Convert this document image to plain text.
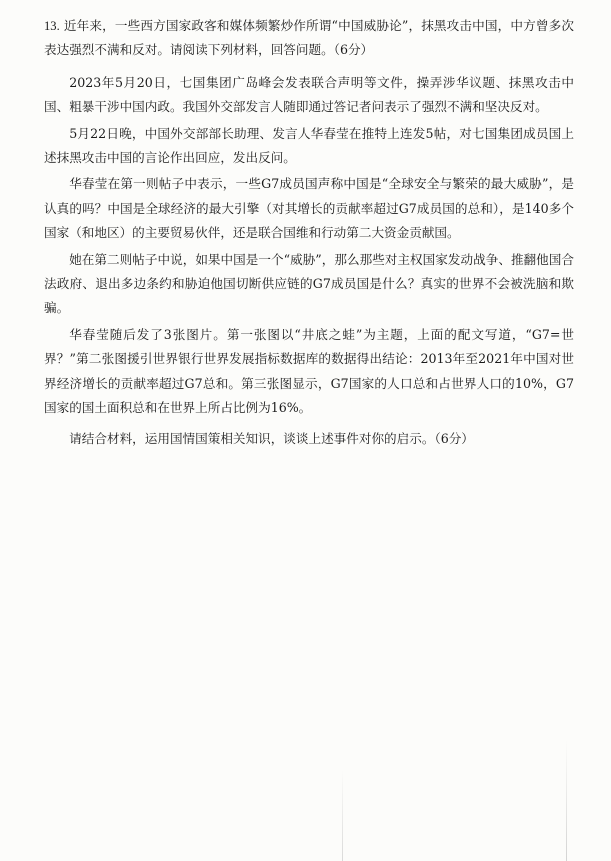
13. 近年来，一些西方国家政客和媒体频繁炒作所谓“中国威胁论”，抹黑攻击中国，中方曾多次表达强烈不满和反对。请阅读下列材料，回答问题。（6分）

2023年5月20日，七国集团广岛峰会发表联合声明等文件，操弄涉华议题、抹黑攻击中国、粗暴干涉中国内政。我国外交部发言人随即通过答记者问表示了强烈不满和坚决反对。

5月22日晚，中国外交部部长助理、发言人华春莹在推特上连发5帖，对七国集团成员国上述抹黑攻击中国的言论作出回应，发出反问。

华春莹在第一则帖子中表示，一些G7成员国声称中国是“全球安全与繁荣的最大威胁”，是认真的吗？中国是全球经济的最大引擎（对其增长的贡献率超过G7成员国的总和），是140多个国家（和地区）的主要贸易伙伴，还是联合国维和行动第二大资金贡献国。

她在第二则帖子中说，如果中国是一个“威胁”，那么那些对主权国家发动战争、推翻他国合法政府、退出多边条约和胁迫他国切断供应链的G7成员国是什么？真实的世界不会被洗脑和欺骗。

华春莹随后发了3张图片。第一张图以“井底之蛙”为主题，上面的配文写道，“G7=世界？”第二张图援引世界银行世界发展指标数据库的数据得出结论：2013年至2021年中国对世界经济增长的贡献率超过G7总和。第三张图显示，G7国家的人口总和占世界人口的10%，G7国家的国土面积总和在世界上所占比例为16%。

请结合材料，运用国情国策相关知识，谈谈上述事件对你的启示。（6分）
